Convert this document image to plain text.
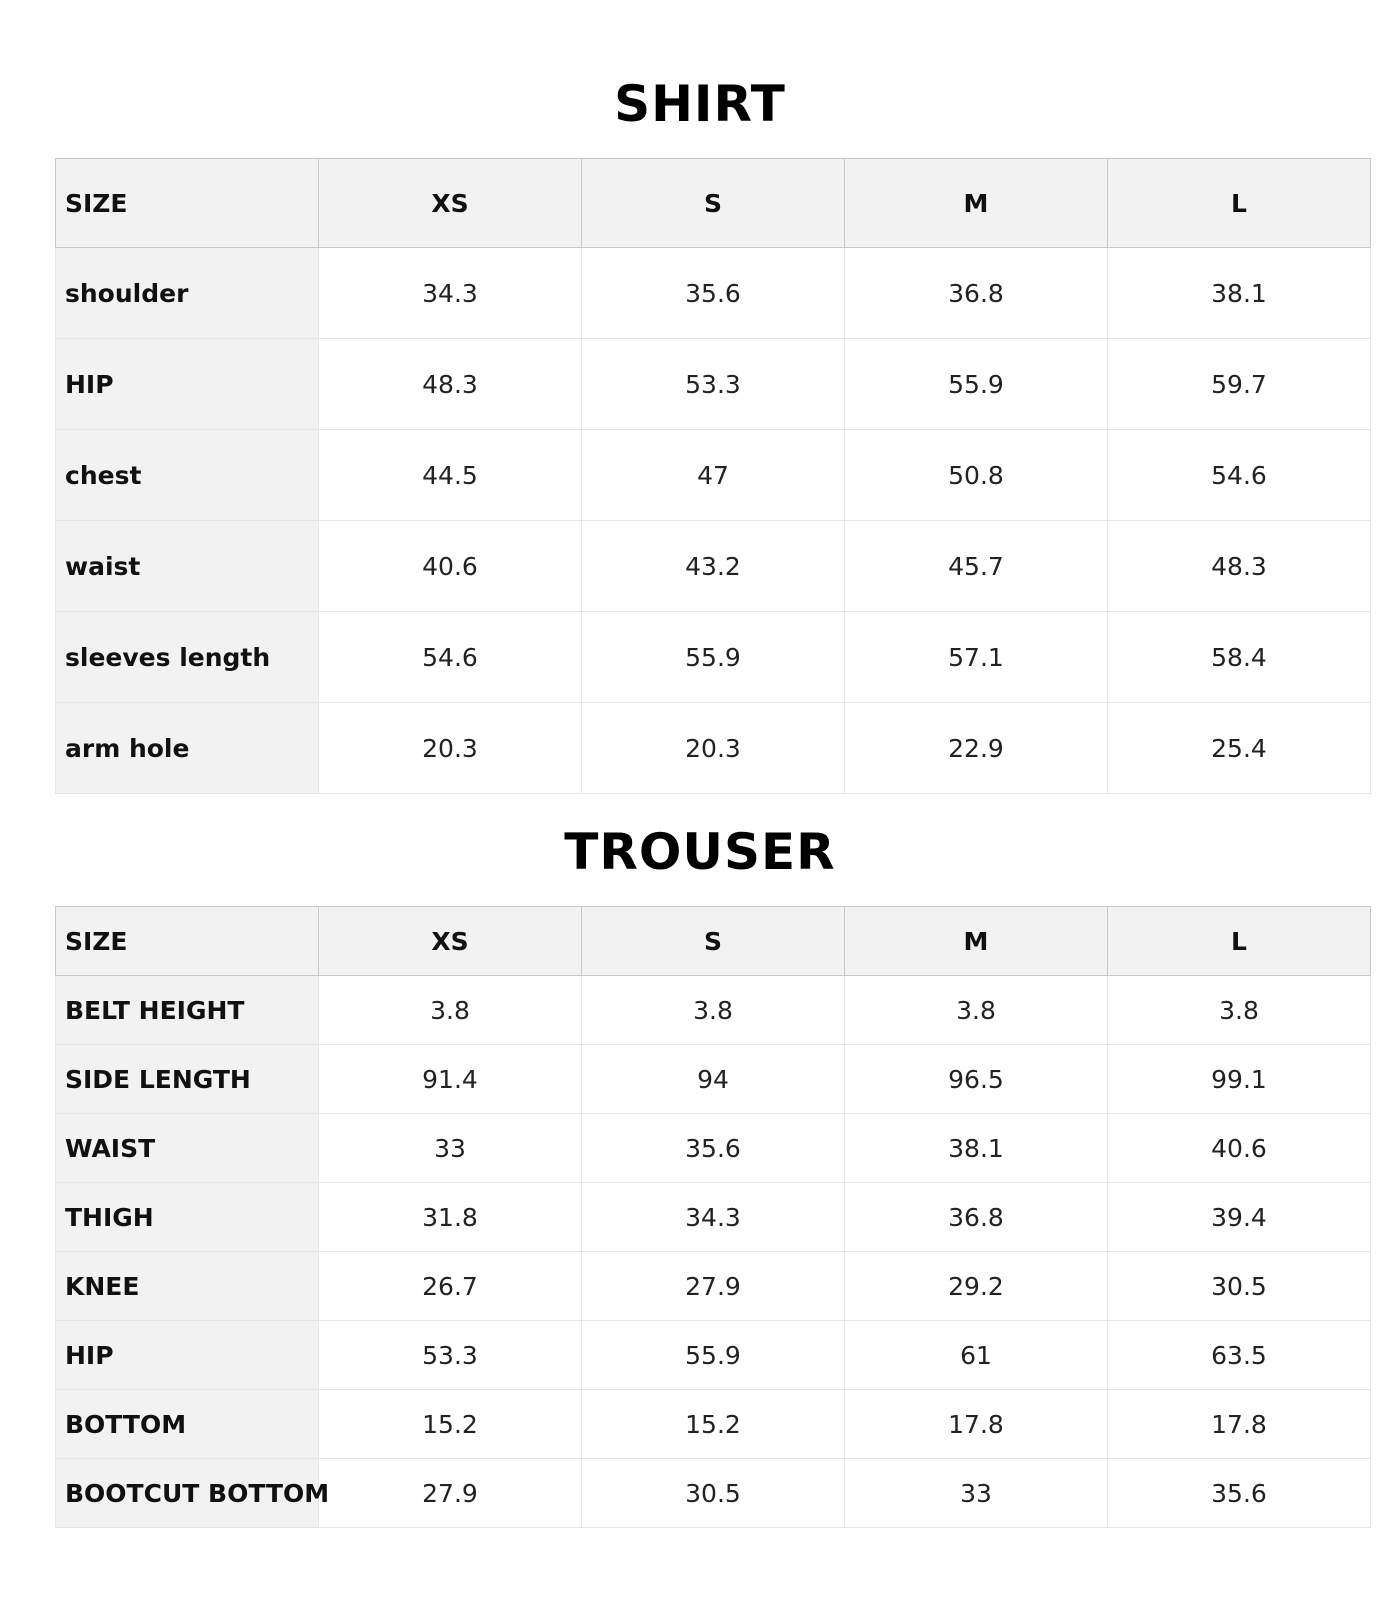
SHIRT
SIZE	XS	S	M	L
shoulder	34.3	35.6	36.8	38.1
HIP	48.3	53.3	55.9	59.7
chest	44.5	47	50.8	54.6
waist	40.6	43.2	45.7	48.3
sleeves length	54.6	55.9	57.1	58.4
arm hole	20.3	20.3	22.9	25.4
TROUSER
SIZE	XS	S	M	L
BELT HEIGHT	3.8	3.8	3.8	3.8
SIDE LENGTH	91.4	94	96.5	99.1
WAIST	33	35.6	38.1	40.6
THIGH	31.8	34.3	36.8	39.4
KNEE	26.7	27.9	29.2	30.5
HIP	53.3	55.9	61	63.5
BOTTOM	15.2	15.2	17.8	17.8
BOOTCUT BOTTOM	27.9	30.5	33	35.6
